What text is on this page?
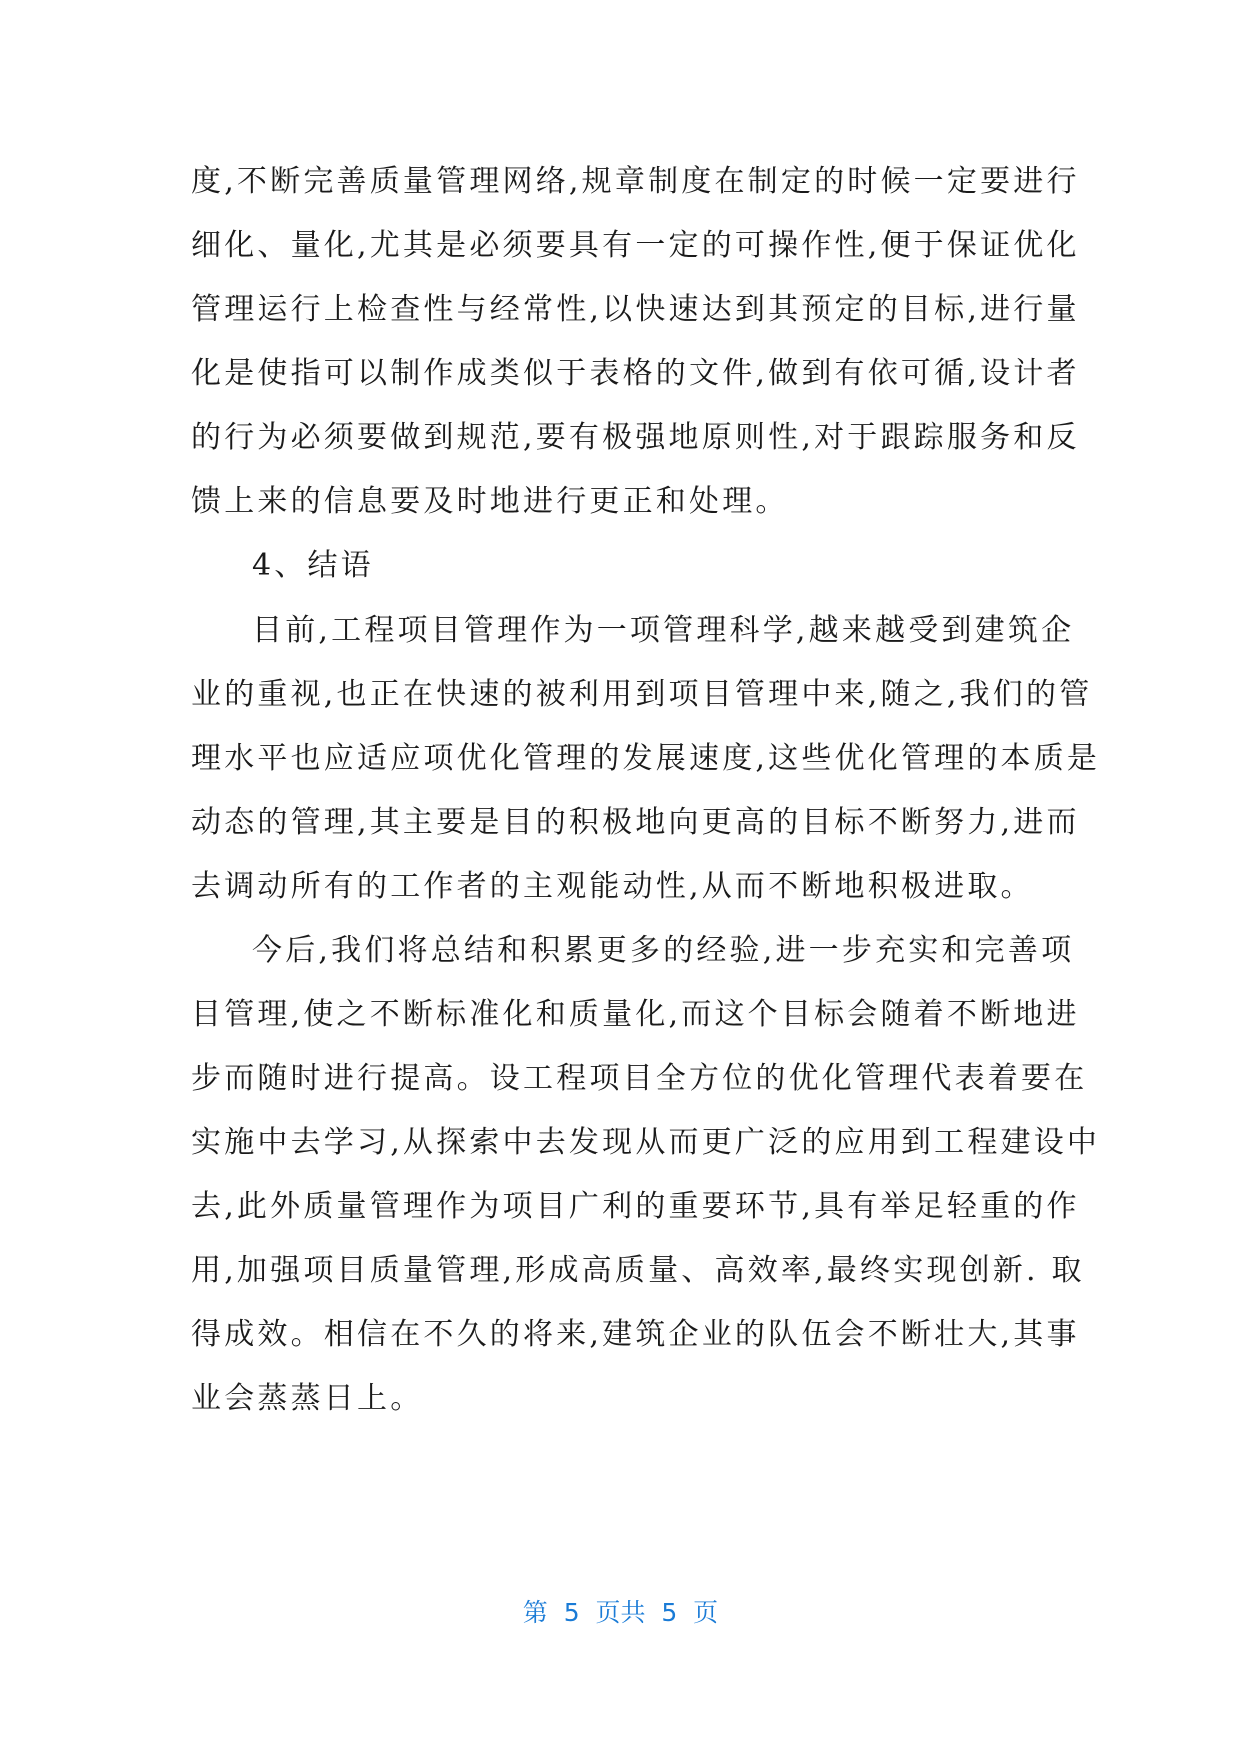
度,不断完善质量管理网络,规章制度在制定的时候一定要进行
细化、量化,尤其是必须要具有一定的可操作性,便于保证优化
管理运行上检查性与经常性,以快速达到其预定的目标,进行量
化是使指可以制作成类似于表格的文件,做到有依可循,设计者
的行为必须要做到规范,要有极强地原则性,对于跟踪服务和反
馈上来的信息要及时地进行更正和处理。
4、结语
目前,工程项目管理作为一项管理科学,越来越受到建筑企
业的重视,也正在快速的被利用到项目管理中来,随之,我们的管
理水平也应适应项优化管理的发展速度,这些优化管理的本质是
动态的管理,其主要是目的积极地向更高的目标不断努力,进而
去调动所有的工作者的主观能动性,从而不断地积极进取。
今后,我们将总结和积累更多的经验,进一步充实和完善项
目管理,使之不断标准化和质量化,而这个目标会随着不断地进
步而随时进行提高。设工程项目全方位的优化管理代表着要在
实施中去学习,从探索中去发现从而更广泛的应用到工程建设中
去,此外质量管理作为项目广利的重要环节,具有举足轻重的作
用,加强项目质量管理,形成高质量、高效率,最终实现创新. 取
得成效。相信在不久的将来,建筑企业的队伍会不断壮大,其事
业会蒸蒸日上。
第  5  页共  5  页
